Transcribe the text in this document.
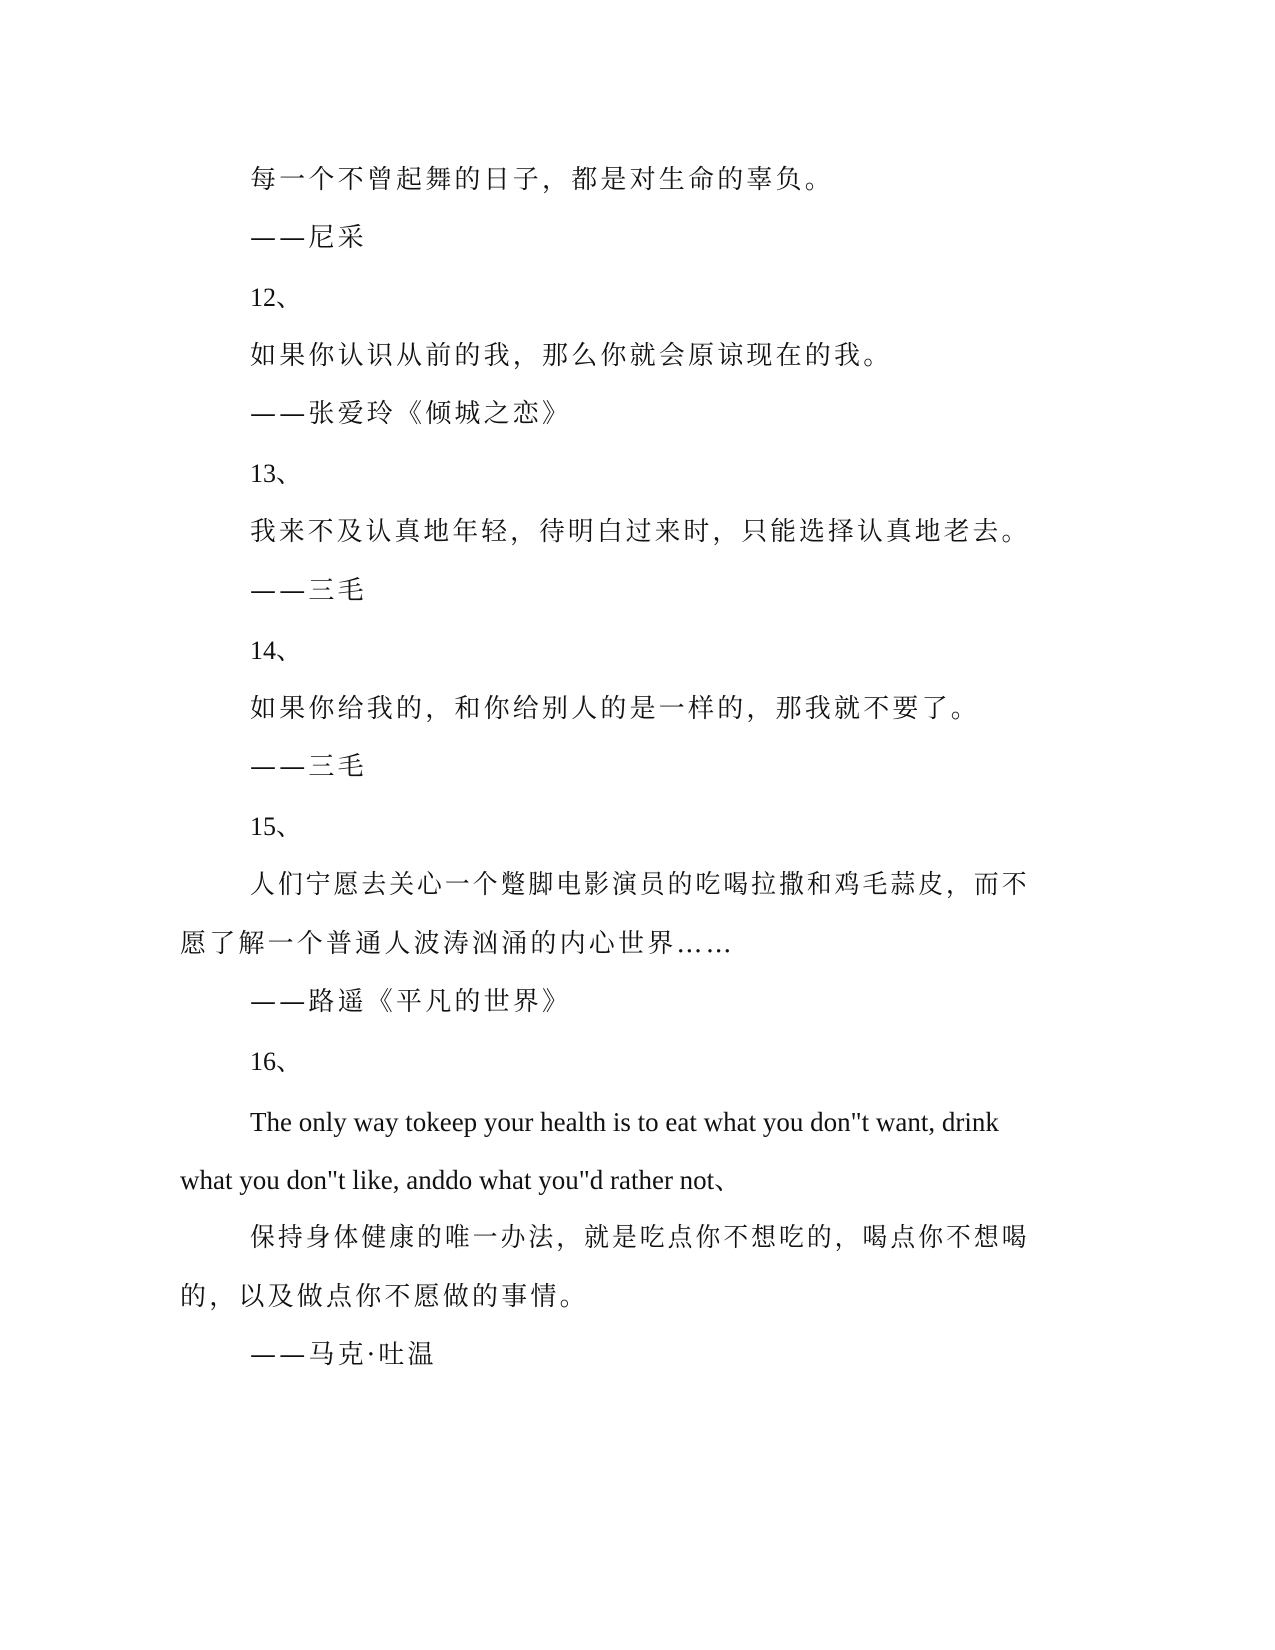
每一个不曾起舞的日子，都是对生命的辜负。
——尼采
12、
如果你认识从前的我，那么你就会原谅现在的我。
——张爱玲《倾城之恋》
13、
我来不及认真地年轻，待明白过来时，只能选择认真地老去。
——三毛
14、
如果你给我的，和你给别人的是一样的，那我就不要了。
——三毛
15、
人们宁愿去关心一个蹩脚电影演员的吃喝拉撒和鸡毛蒜皮，而不
愿了解一个普通人波涛汹涌的内心世界……
——路遥《平凡的世界》
16、
The only way tokeep your health is to eat what you don"t want, drink
what you don"t like, anddo what you"d rather not、
保持身体健康的唯一办法，就是吃点你不想吃的，喝点你不想喝
的，以及做点你不愿做的事情。
——马克·吐温
